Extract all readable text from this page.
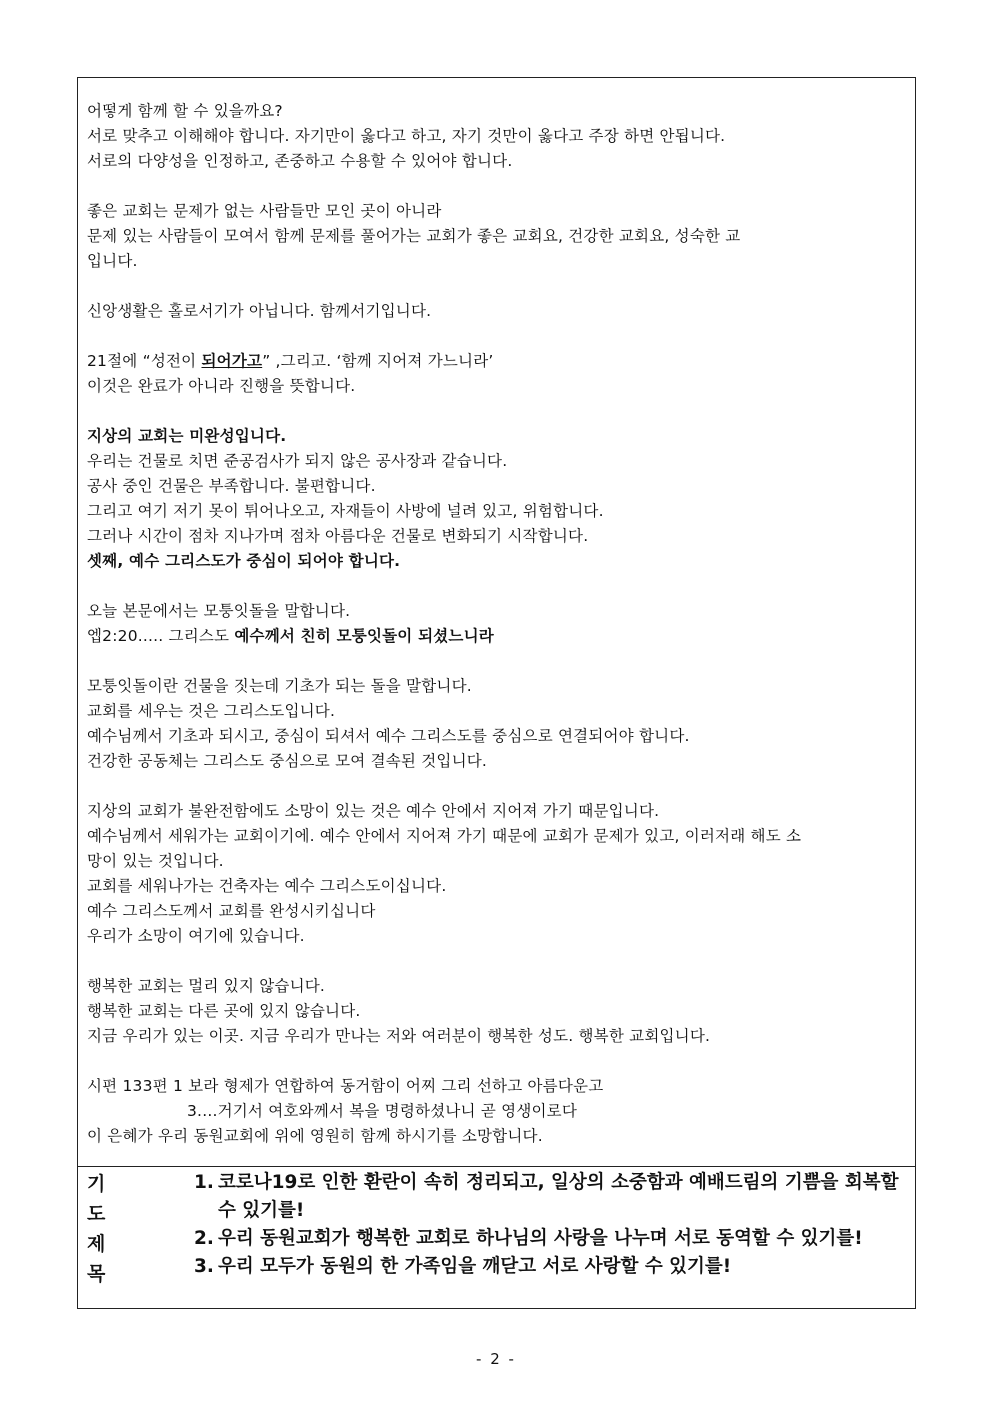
어떻게 함께 할 수 있을까요?
서로 맞추고 이해해야 합니다. 자기만이 옳다고 하고, 자기 것만이 옳다고 주장 하면 안됩니다.
서로의 다양성을 인정하고, 존중하고 수용할 수 있어야 합니다.
좋은 교회는 문제가 없는 사람들만 모인 곳이 아니라
문제 있는 사람들이 모여서 함께 문제를 풀어가는 교회가 좋은 교회요, 건강한 교회요, 성숙한 교
입니다.
신앙생활은 홀로서기가 아닙니다. 함께서기입니다.
21절에 “성전이 되어가고” ,그리고. ‘함께 지어져 가느니라’
이것은 완료가 아니라 진행을 뜻합니다.
지상의 교회는 미완성입니다.
우리는 건물로 치면 준공검사가 되지 않은 공사장과 같습니다.
공사 중인 건물은 부족합니다. 불편합니다.
그리고 여기 저기 못이 튀어나오고, 자재들이 사방에 널려 있고, 위험합니다.
그러나 시간이 점차 지나가며 점차 아름다운 건물로 변화되기 시작합니다.
셋째, 예수 그리스도가 중심이 되어야 합니다.
오늘 본문에서는 모퉁잇돌을 말합니다.
엡2:20..... 그리스도 예수께서 친히 모퉁잇돌이 되셨느니라
모퉁잇돌이란 건물을 짓는데 기초가 되는 돌을 말합니다.
교회를 세우는 것은 그리스도입니다.
예수님께서 기초과 되시고, 중심이 되셔서 예수 그리스도를 중심으로 연결되어야 합니다.
건강한 공동체는 그리스도 중심으로 모여 결속된 것입니다.
지상의 교회가 불완전함에도 소망이 있는 것은 예수 안에서 지어져 가기 때문입니다.
예수님께서 세워가는 교회이기에. 예수 안에서 지어져 가기 때문에 교회가 문제가 있고, 이러저래 해도 소
망이 있는 것입니다.
교회를 세워나가는 건축자는 예수 그리스도이십니다.
예수 그리스도께서 교회를 완성시키십니다
우리가 소망이 여기에 있습니다.
행복한 교회는 멀리 있지 않습니다.
행복한 교회는 다른 곳에 있지 않습니다.
지금 우리가 있는 이곳. 지금 우리가 만나는 저와 여러분이 행복한 성도. 행복한 교회입니다.
시편 133편 1 보라 형제가 연합하여 동거함이 어찌 그리 선하고 아름다운고
3....거기서 여호와께서 복을 명령하셨나니 곧 영생이로다
이 은혜가 우리 동원교회에 위에 영원히 함께 하시기를 소망합니다.
기도
제목
1. 코로나19로 인한 환란이 속히 정리되고, 일상의 소중함과 예배드림의 기쁨을 회복할 수 있기를!
2. 우리 동원교회가 행복한 교회로 하나님의 사랑을 나누며 서로 동역할 수 있기를!
3. 우리 모두가 동원의 한 가족임을 깨닫고 서로 사랑할 수 있기를!
- 2 -
